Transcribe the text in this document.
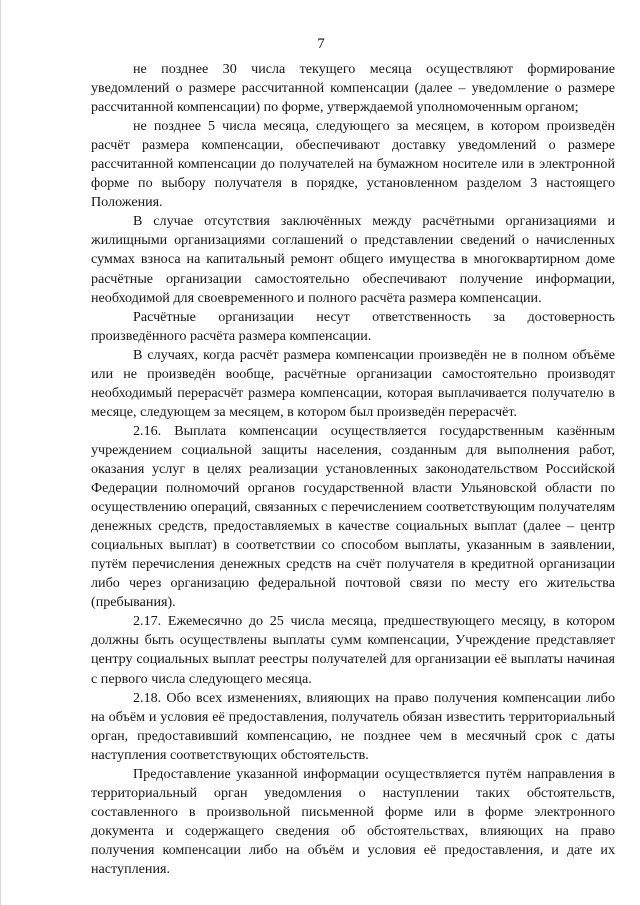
7

не позднее 30 числа текущего месяца осуществляют формирование уведомлений о размере рассчитанной компенсации (далее – уведомление о размере рассчитанной компенсации) по форме, утверждаемой уполномоченным органом;

не позднее 5 числа месяца, следующего за месяцем, в котором произведён расчёт размера компенсации, обеспечивают доставку уведомлений о размере рассчитанной компенсации до получателей на бумажном носителе или в электронной форме по выбору получателя в порядке, установленном разделом 3 настоящего Положения.

В случае отсутствия заключённых между расчётными организациями и жилищными организациями соглашений о представлении сведений о начисленных суммах взноса на капитальный ремонт общего имущества в многоквартирном доме расчётные организации самостоятельно обеспечивают получение информации, необходимой для своевременного и полного расчёта размера компенсации.

Расчётные организации несут ответственность за достоверность произведённого расчёта размера компенсации.

В случаях, когда расчёт размера компенсации произведён не в полном объёме или не произведён вообще, расчётные организации самостоятельно производят необходимый перерасчёт размера компенсации, которая выплачивается получателю в месяце, следующем за месяцем, в котором был произведён перерасчёт.

2.16. Выплата компенсации осуществляется государственным казённым учреждением социальной защиты населения, созданным для выполнения работ, оказания услуг в целях реализации установленных законодательством Российской Федерации полномочий органов государственной власти Ульяновской области по осуществлению операций, связанных с перечислением соответствующим получателям денежных средств, предоставляемых в качестве социальных выплат (далее – центр социальных выплат) в соответствии со способом выплаты, указанным в заявлении, путём перечисления денежных средств на счёт получателя в кредитной организации либо через организацию федеральной почтовой связи по месту его жительства (пребывания).

2.17. Ежемесячно до 25 числа месяца, предшествующего месяцу, в котором должны быть осуществлены выплаты сумм компенсации, Учреждение представляет центру социальных выплат реестры получателей для организации её выплаты начиная с первого числа следующего месяца.

2.18. Обо всех изменениях, влияющих на право получения компенсации либо на объём и условия её предоставления, получатель обязан известить территориальный орган, предоставивший компенсацию, не позднее чем в месячный срок с даты наступления соответствующих обстоятельств.

Предоставление указанной информации осуществляется путём направления в территориальный орган уведомления о наступлении таких обстоятельств, составленного в произвольной письменной форме или в форме электронного документа и содержащего сведения об обстоятельствах, влияющих на право получения компенсации либо на объём и условия её предоставления, и дате их наступления.
